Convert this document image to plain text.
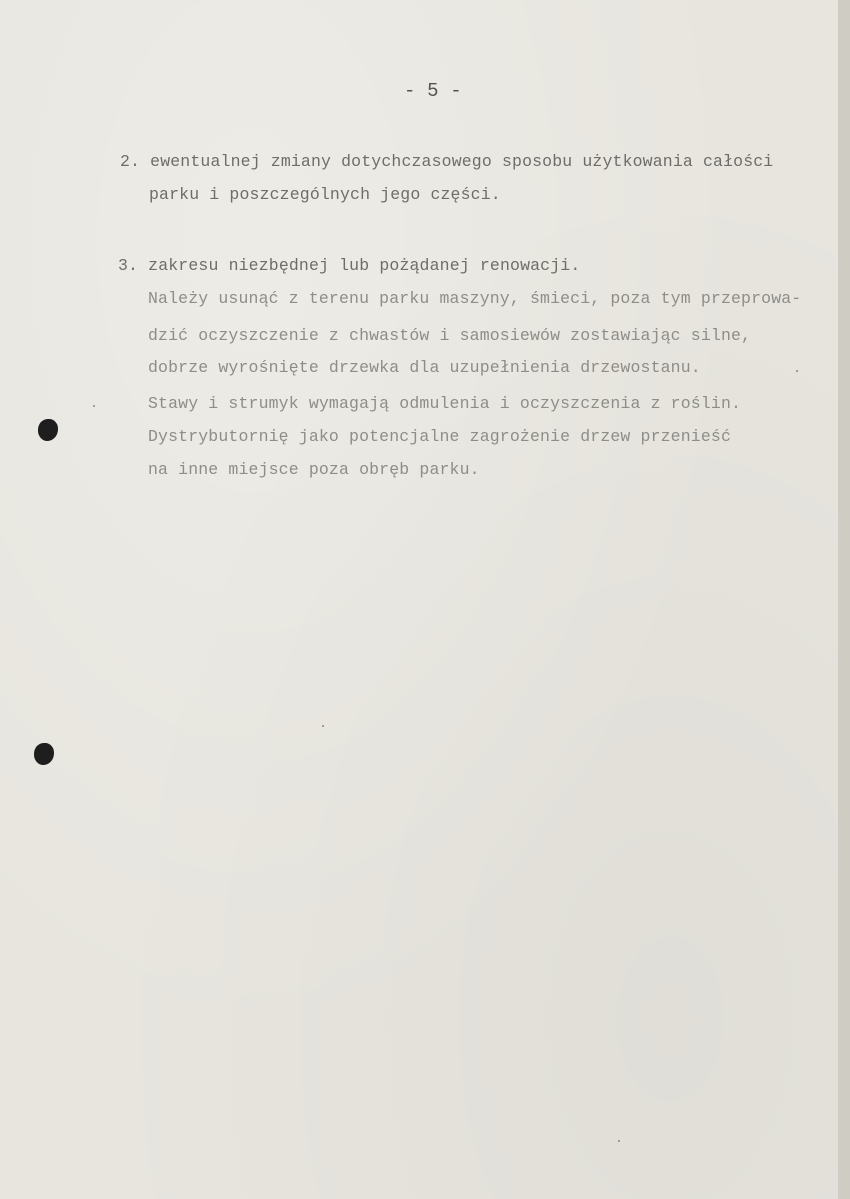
- 5 -
2. ewentualnej zmiany dotychczasowego sposobu użytkowania całości
parku i poszczególnych jego części.
3. zakresu niezbędnej lub pożądanej renowacji.
Należy usunąć z terenu parku maszyny, śmieci, poza tym przeprowa-
dzić oczyszczenie z chwastów i samosiewów zostawiając silne,
dobrze wyrośnięte drzewka dla uzupełnienia drzewostanu.
Stawy i strumyk wymagają odmulenia i oczyszczenia z roślin.
Dystrybutornię jako potencjalne zagrożenie drzew przenieść
na inne miejsce poza obręb parku.
